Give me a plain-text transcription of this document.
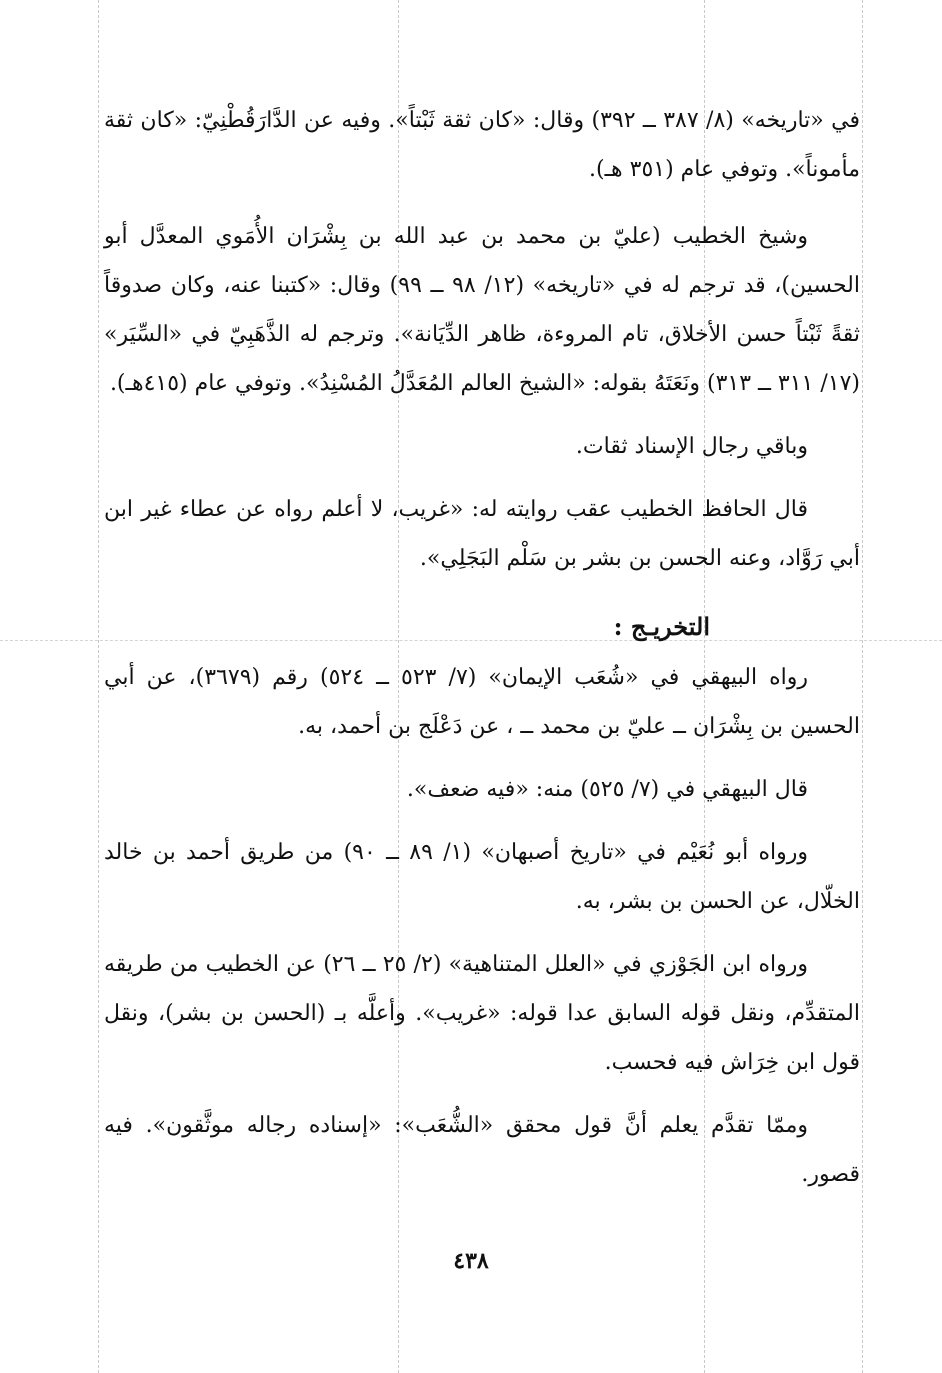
في «تاريخه» (٨/ ٣٨٧ ــ ٣٩٢) وقال: «كان ثقة ثَبْتاً». وفيه عن الدَّارَقُطْنِيّ: «كان ثقة مأموناً». وتوفي عام (٣٥١ هـ).

وشيخ الخطيب (عليّ بن محمد بن عبد الله بن بِشْرَان الأُمَوي المعدَّل أبو الحسين)، قد ترجم له في «تاريخه» (١٢/ ٩٨ ــ ٩٩) وقال: «كتبنا عنه، وكان صدوقاً ثقةً ثَبْتاً حسن الأخلاق، تام المروءة، ظاهر الدِّيَانة». وترجم له الذَّهَبِيّ في «السِّيَر» (١٧/ ٣١١ ــ ٣١٣) ونَعَتَهُ بقوله: «الشيخ العالم المُعَدَّلُ المُسْنِدُ». وتوفي عام (٤١٥هـ).

وباقي رجال الإسناد ثقات.

قال الحافظ الخطيب عقب روايته له: «غريب، لا أعلم رواه عن عطاء غير ابن أبي رَوَّاد، وعنه الحسن بن بشر بن سَلْم البَجَلِي».

التخريـج :

رواه البيهقي في «شُعَب الإيمان» (٧/ ٥٢٣ ــ ٥٢٤) رقم (٣٦٧٩)، عن أبي الحسين بن بِشْرَان ــ عليّ بن محمد ــ ، عن دَعْلَج بن أحمد، به.

قال البيهقي في (٧/ ٥٢٥) منه: «فيه ضعف».

ورواه أبو نُعَيْم في «تاريخ أصبهان» (١/ ٨٩ ــ ٩٠) من طريق أحمد بن خالد الخلّال، عن الحسن بن بشر، به.

ورواه ابن الجَوْزي في «العلل المتناهية» (٢/ ٢٥ ــ ٢٦) عن الخطيب من طريقه المتقدِّم، ونقل قوله السابق عدا قوله: «غريب». وأعلَّه بـ (الحسن بن بشر)، ونقل قول ابن خِرَاش فيه فحسب.

وممّا تقدَّم يعلم أنَّ قول محقق «الشُّعَب»: «إسناده رجاله موثَّقون». فيه قصور.

٤٣٨
